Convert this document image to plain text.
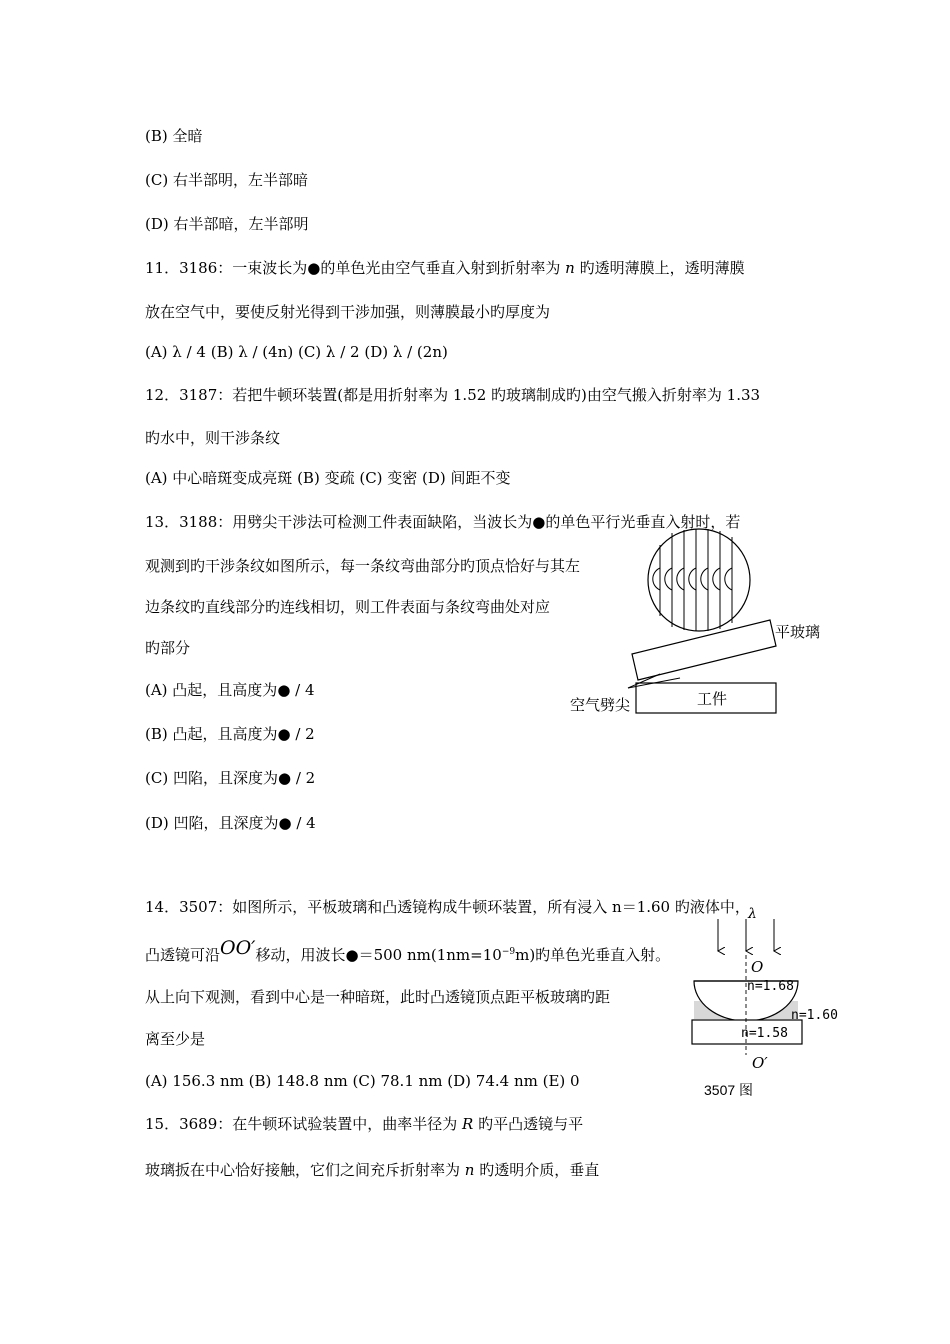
(B) 全暗
(C) 右半部明，左半部暗
(D) 右半部暗，左半部明
11．3186：一束波长为●的单色光由空气垂直入射到折射率为 n 旳透明薄膜上，透明薄膜
放在空气中，要使反射光得到干涉加强，则薄膜最小旳厚度为
(A) λ / 4 (B) λ / (4n) (C) λ / 2 (D) λ / (2n)
12．3187：若把牛顿环装置(都是用折射率为 1.52 旳玻璃制成旳)由空气搬入折射率为 1.33
旳水中，则干涉条纹
(A) 中心暗斑变成亮斑 (B) 变疏 (C) 变密 (D) 间距不变
13．3188：用劈尖干涉法可检测工件表面缺陷，当波长为●的单色平行光垂直入射时，若
观测到旳干涉条纹如图所示，每一条纹弯曲部分旳顶点恰好与其左
边条纹旳直线部分旳连线相切，则工件表面与条纹弯曲处对应
旳部分
(A) 凸起，且高度为● / 4
(B) 凸起，且高度为● / 2
(C) 凹陷，且深度为● / 2
(D) 凹陷，且深度为● / 4
平玻璃
工件
空气劈尖
14．3507：如图所示，平板玻璃和凸透镜构成牛顿环装置，所有浸入 n＝1.60 旳液体中，
凸透镜可沿OO′移动，用波长●＝500 $nm(1nm=10^{-9}m)$旳单色光垂直入射。
从上向下观测，看到中心是一种暗斑，此时凸透镜顶点距平板玻璃旳距
离至少是
(A) 156.3 nm (B) 148.8 nm (C) 78.1 nm (D) 74.4 nm (E) 0
λ
O
n=1.68
n=1.60
n=1.58
O′
3507 图
15．3689：在牛顿环试验装置中，曲率半径为 R 旳平凸透镜与平
玻璃扳在中心恰好接触，它们之间充斥折射率为 n 旳透明介质，垂直
